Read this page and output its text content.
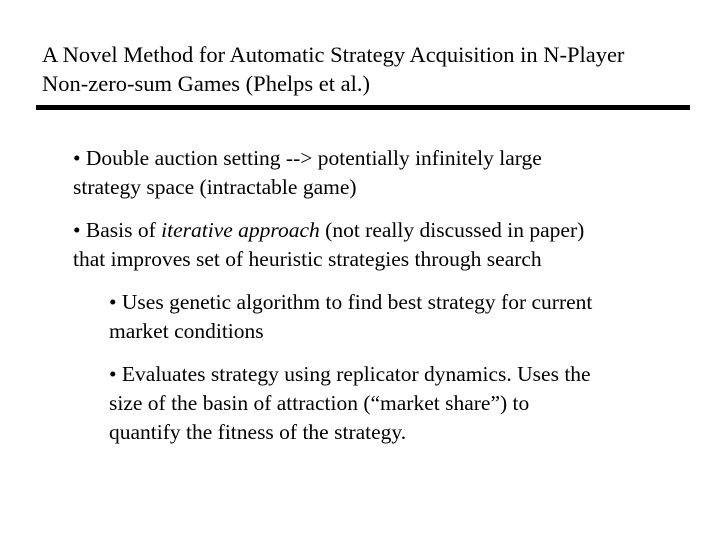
A Novel Method for Automatic Strategy Acquisition in N-Player
Non-zero-sum Games (Phelps et al.)
• Double auction setting --> potentially infinitely large
strategy space (intractable game)
• Basis of iterative approach (not really discussed in paper)
that improves set of heuristic strategies through search
• Uses genetic algorithm to find best strategy for current
market conditions
• Evaluates strategy using replicator dynamics. Uses the
size of the basin of attraction (“market share”) to
quantify the fitness of the strategy.
